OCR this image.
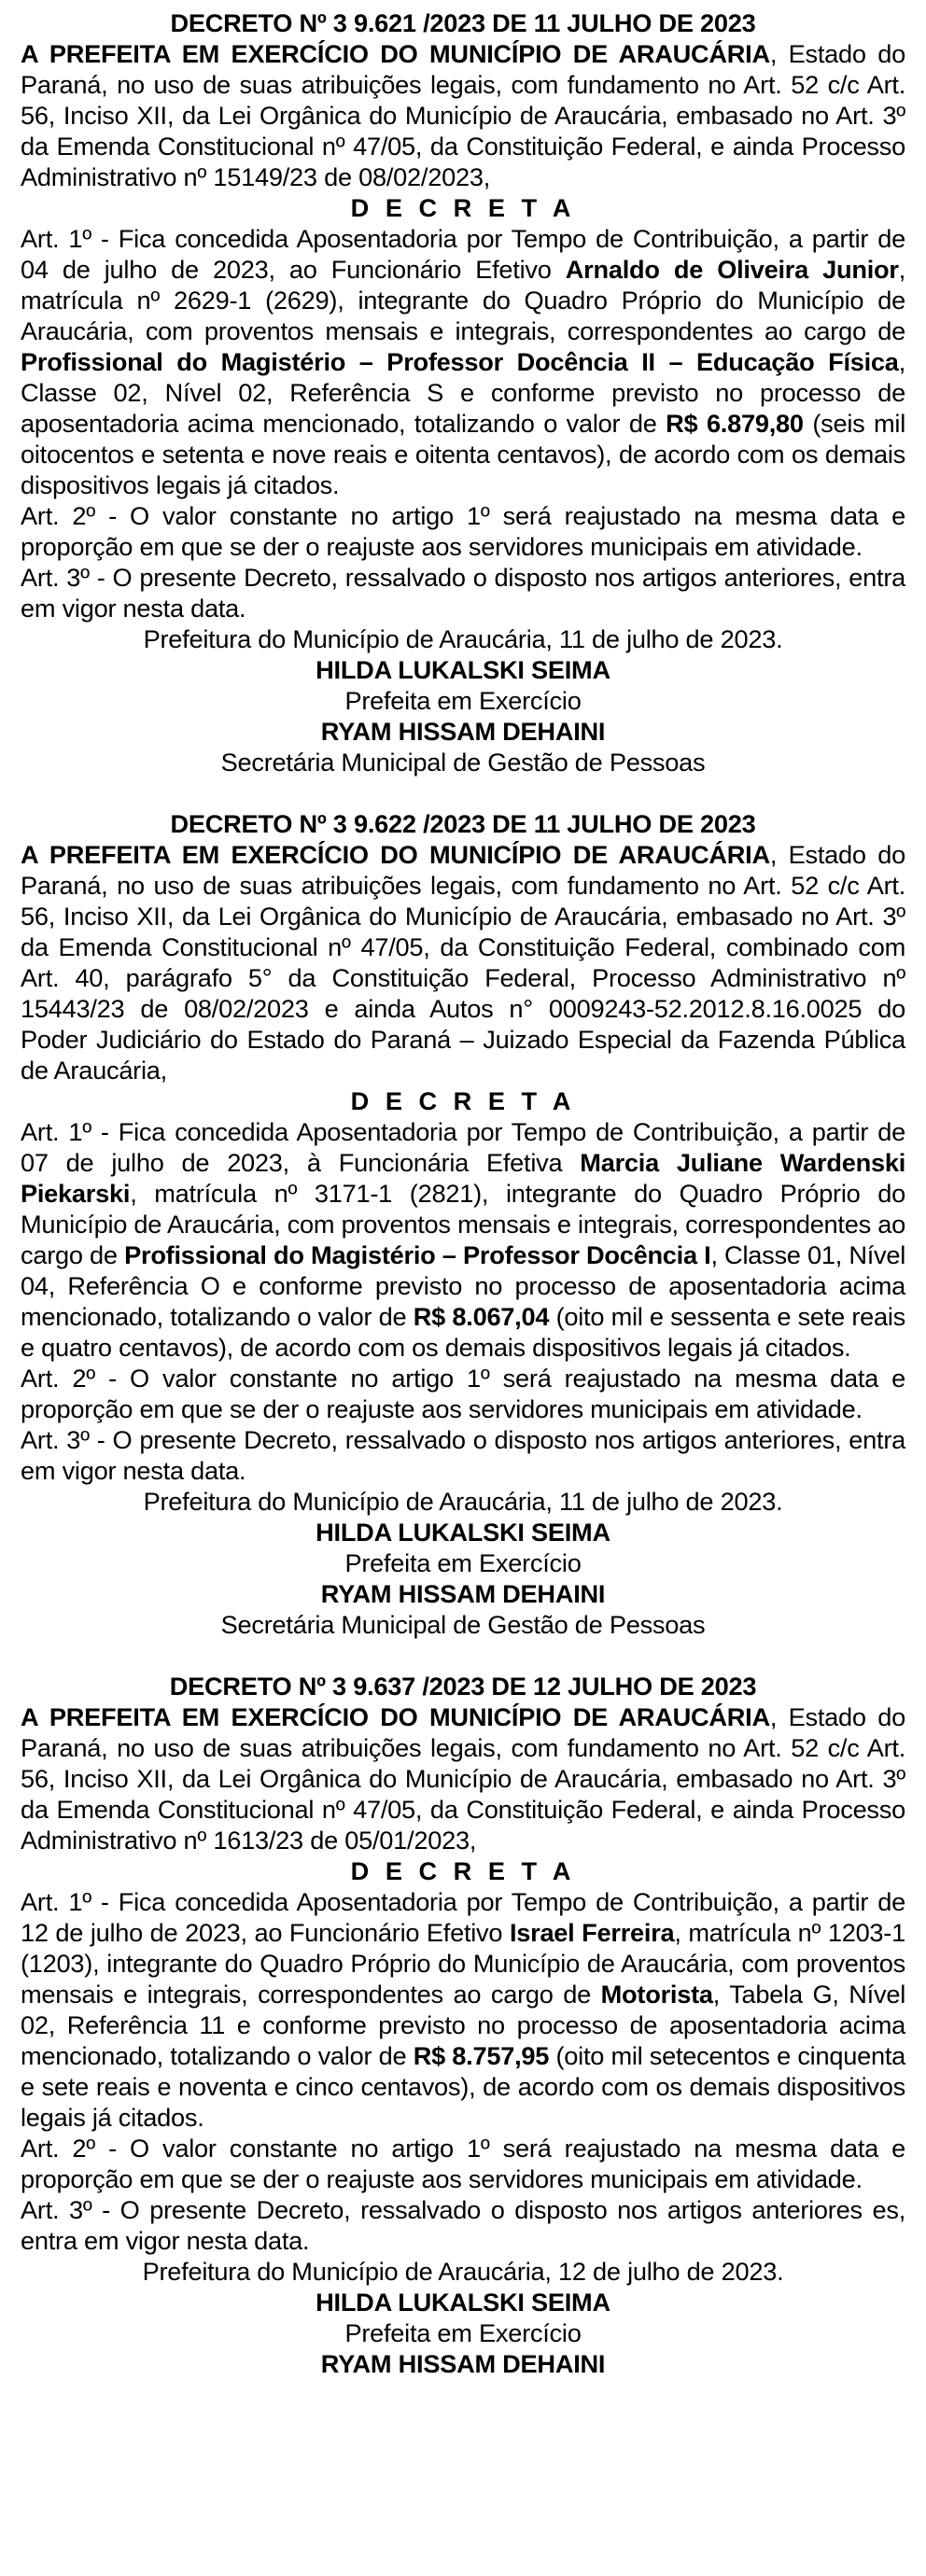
DECRETO Nº 3 9.621 /2023 DE 11 JULHO DE 2023

A PREFEITA EM EXERCÍCIO DO MUNICÍPIO DE ARAUCÁRIA, Estado do Paraná, no uso de suas atribuições legais, com fundamento no Art. 52 c/c Art. 56, Inciso XII, da Lei Orgânica do Município de Araucária, embasado no Art. 3º da Emenda Constitucional nº 47/05, da Constituição Federal, e ainda Processo Administrativo nº 15149/23 de 08/02/2023,

D E C R E T A

Art. 1º - Fica concedida Aposentadoria por Tempo de Contribuição, a partir de 04 de julho de 2023, ao Funcionário Efetivo Arnaldo de Oliveira Junior, matrícula nº 2629-1 (2629), integrante do Quadro Próprio do Município de Araucária, com proventos mensais e integrais, correspondentes ao cargo de Profissional do Magistério – Professor Docência II – Educação Física, Classe 02, Nível 02, Referência S e conforme previsto no processo de aposentadoria acima mencionado, totalizando o valor de R$ 6.879,80 (seis mil oitocentos e setenta e nove reais e oitenta centavos), de acordo com os demais dispositivos legais já citados.

Art. 2º - O valor constante no artigo 1º será reajustado na mesma data e proporção em que se der o reajuste aos servidores municipais em atividade.

Art. 3º - O presente Decreto, ressalvado o disposto nos artigos anteriores, entra em vigor nesta data.

Prefeitura do Município de Araucária, 11 de julho de 2023.

HILDA LUKALSKI SEIMA

Prefeita em Exercício

RYAM HISSAM DEHAINI

Secretária Municipal de Gestão de Pessoas

DECRETO Nº 3 9.622 /2023 DE 11 JULHO DE 2023

A PREFEITA EM EXERCÍCIO DO MUNICÍPIO DE ARAUCÁRIA, Estado do Paraná, no uso de suas atribuições legais, com fundamento no Art. 52 c/c Art. 56, Inciso XII, da Lei Orgânica do Município de Araucária, embasado no Art. 3º da Emenda Constitucional nº 47/05, da Constituição Federal, combinado com Art. 40, parágrafo 5° da Constituição Federal, Processo Administrativo nº 15443/23 de 08/02/2023 e ainda Autos n° 0009243-52.2012.8.16.0025 do Poder Judiciário do Estado do Paraná – Juizado Especial da Fazenda Pública de Araucária,

D E C R E T A

Art. 1º - Fica concedida Aposentadoria por Tempo de Contribuição, a partir de 07 de julho de 2023, à Funcionária Efetiva Marcia Juliane Wardenski Piekarski, matrícula nº 3171-1 (2821), integrante do Quadro Próprio do Município de Araucária, com proventos mensais e integrais, correspondentes ao cargo de Profissional do Magistério – Professor Docência I, Classe 01, Nível 04, Referência O e conforme previsto no processo de aposentadoria acima mencionado, totalizando o valor de R$ 8.067,04 (oito mil e sessenta e sete reais e quatro centavos), de acordo com os demais dispositivos legais já citados.

Art. 2º - O valor constante no artigo 1º será reajustado na mesma data e proporção em que se der o reajuste aos servidores municipais em atividade.

Art. 3º - O presente Decreto, ressalvado o disposto nos artigos anteriores, entra em vigor nesta data.

Prefeitura do Município de Araucária, 11 de julho de 2023.

HILDA LUKALSKI SEIMA

Prefeita em Exercício

RYAM HISSAM DEHAINI

Secretária Municipal de Gestão de Pessoas

DECRETO Nº 3 9.637 /2023 DE 12 JULHO DE 2023

A PREFEITA EM EXERCÍCIO DO MUNICÍPIO DE ARAUCÁRIA, Estado do Paraná, no uso de suas atribuições legais, com fundamento no Art. 52 c/c Art. 56, Inciso XII, da Lei Orgânica do Município de Araucária, embasado no Art. 3º da Emenda Constitucional nº 47/05, da Constituição Federal, e ainda Processo Administrativo nº 1613/23 de 05/01/2023,

D E C R E T A

Art. 1º - Fica concedida Aposentadoria por Tempo de Contribuição, a partir de 12 de julho de 2023, ao Funcionário Efetivo Israel Ferreira, matrícula nº 1203-1 (1203), integrante do Quadro Próprio do Município de Araucária, com proventos mensais e integrais, correspondentes ao cargo de Motorista, Tabela G, Nível 02, Referência 11 e conforme previsto no processo de aposentadoria acima mencionado, totalizando o valor de R$ 8.757,95 (oito mil setecentos e cinquenta e sete reais e noventa e cinco centavos), de acordo com os demais dispositivos legais já citados.

Art. 2º - O valor constante no artigo 1º será reajustado na mesma data e proporção em que se der o reajuste aos servidores municipais em atividade.

Art. 3º - O presente Decreto, ressalvado o disposto nos artigos anteriores es, entra em vigor nesta data.

Prefeitura do Município de Araucária, 12 de julho de 2023.

HILDA LUKALSKI SEIMA

Prefeita em Exercício

RYAM HISSAM DEHAINI
